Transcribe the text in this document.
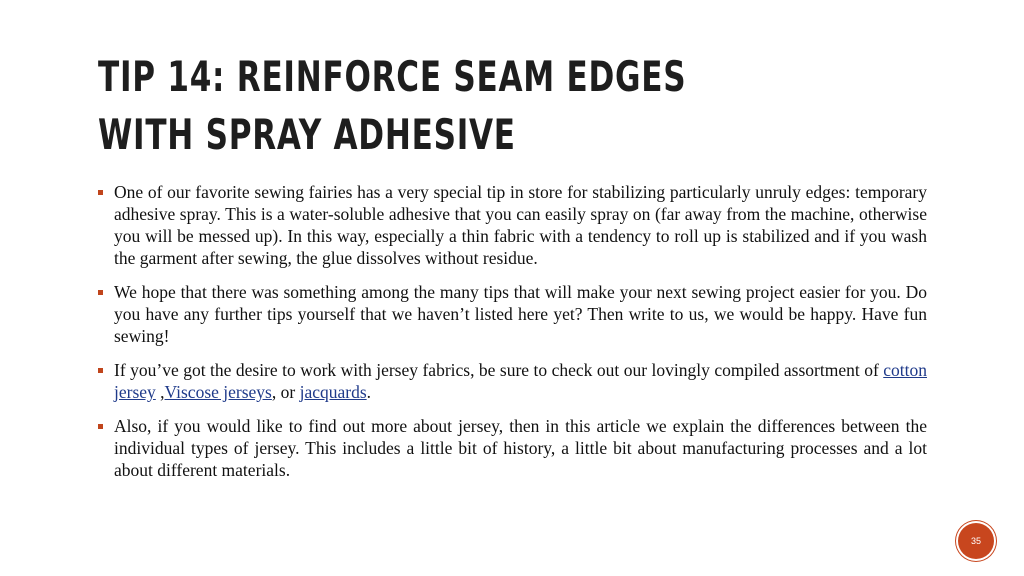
TIP 14: REINFORCE SEAM EDGES WITH SPRAY ADHESIVE
One of our favorite sewing fairies has a very special tip in store for stabilizing particularly unruly edges: temporary adhesive spray. This is a water-soluble adhesive that you can easily spray on (far away from the machine, otherwise you will be messed up). In this way, especially a thin fabric with a tendency to roll up is stabilized and if you wash the garment after sewing, the glue dissolves without residue.
We hope that there was something among the many tips that will make your next sewing project easier for you. Do you have any further tips yourself that we haven’t listed here yet? Then write to us, we would be happy. Have fun sewing!
If you’ve got the desire to work with jersey fabrics, be sure to check out our lovingly compiled assortment of cotton jersey ,Viscose jerseys, or jacquards.
Also, if you would like to find out more about jersey, then in this article we explain the differences between the individual types of jersey. This includes a little bit of history, a little bit about manufacturing processes and a lot about different materials.
35
